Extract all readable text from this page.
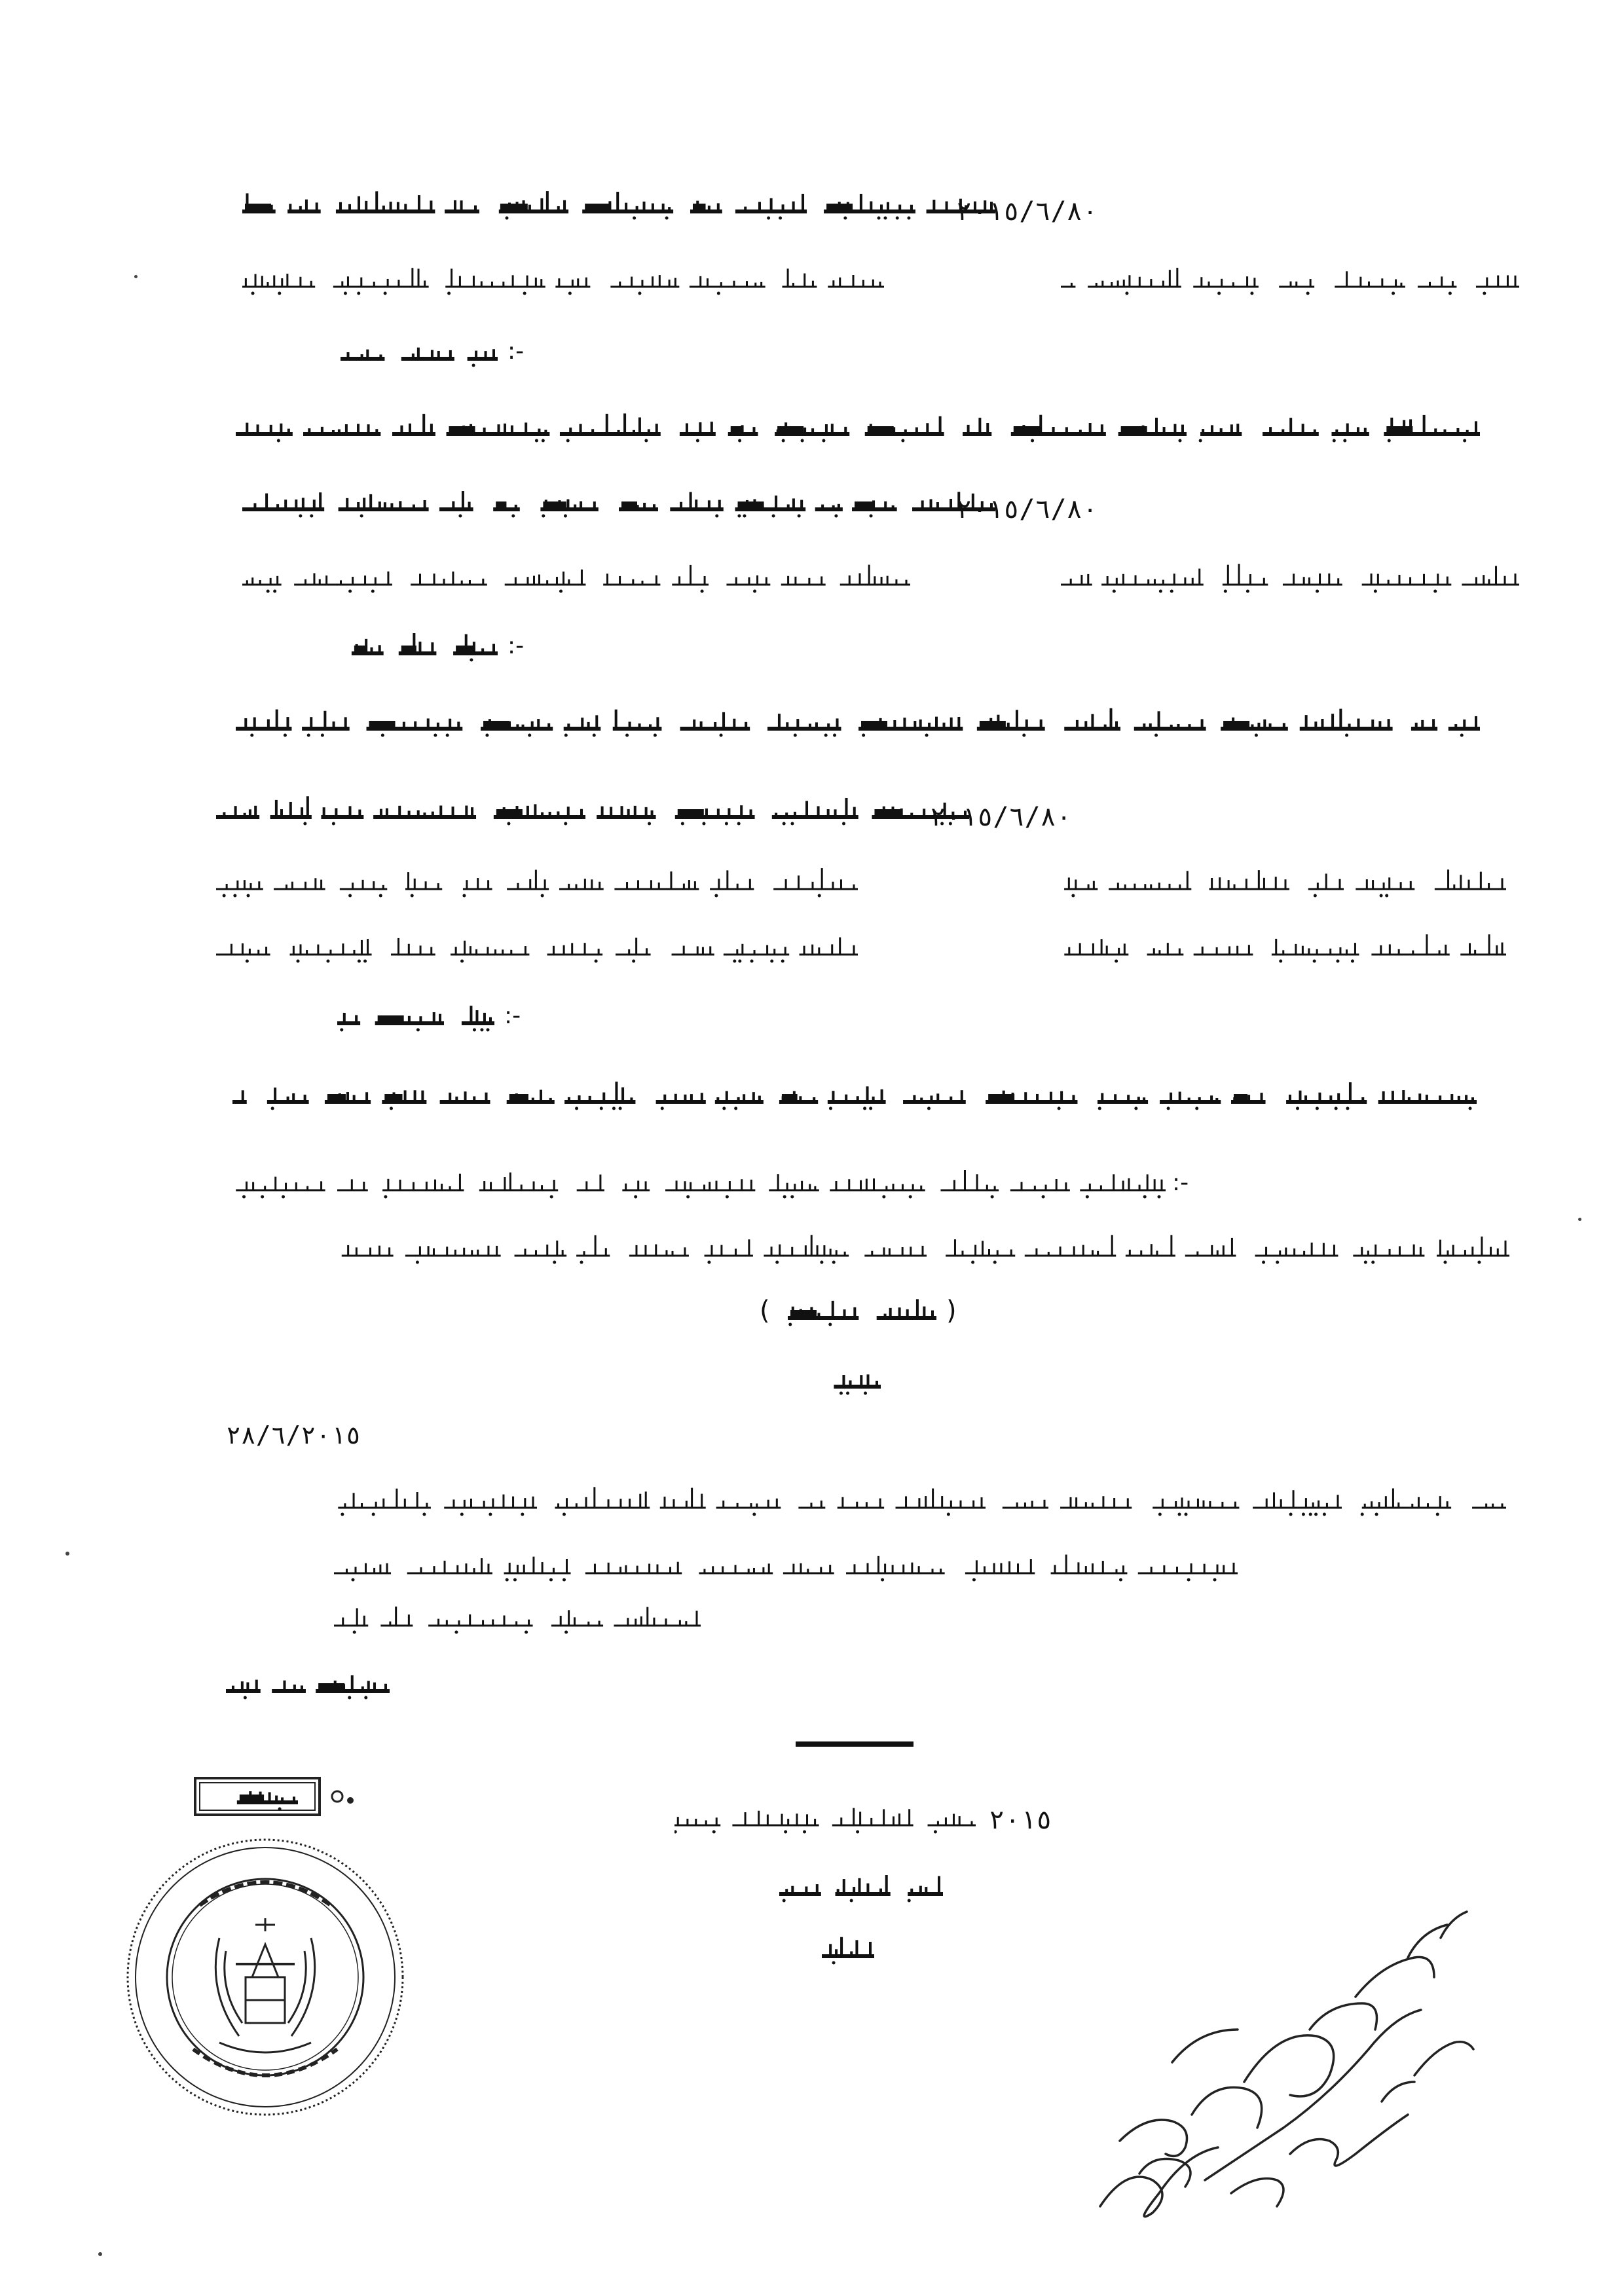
٢٠١٥/٦/٨٠
:-
٢٠١٥/٦/٨٠
:-
٢٠١٥/٦/٨٠
:-
:-
(	)
٢٨/٦/٢٠١٥
٢٠١٥
